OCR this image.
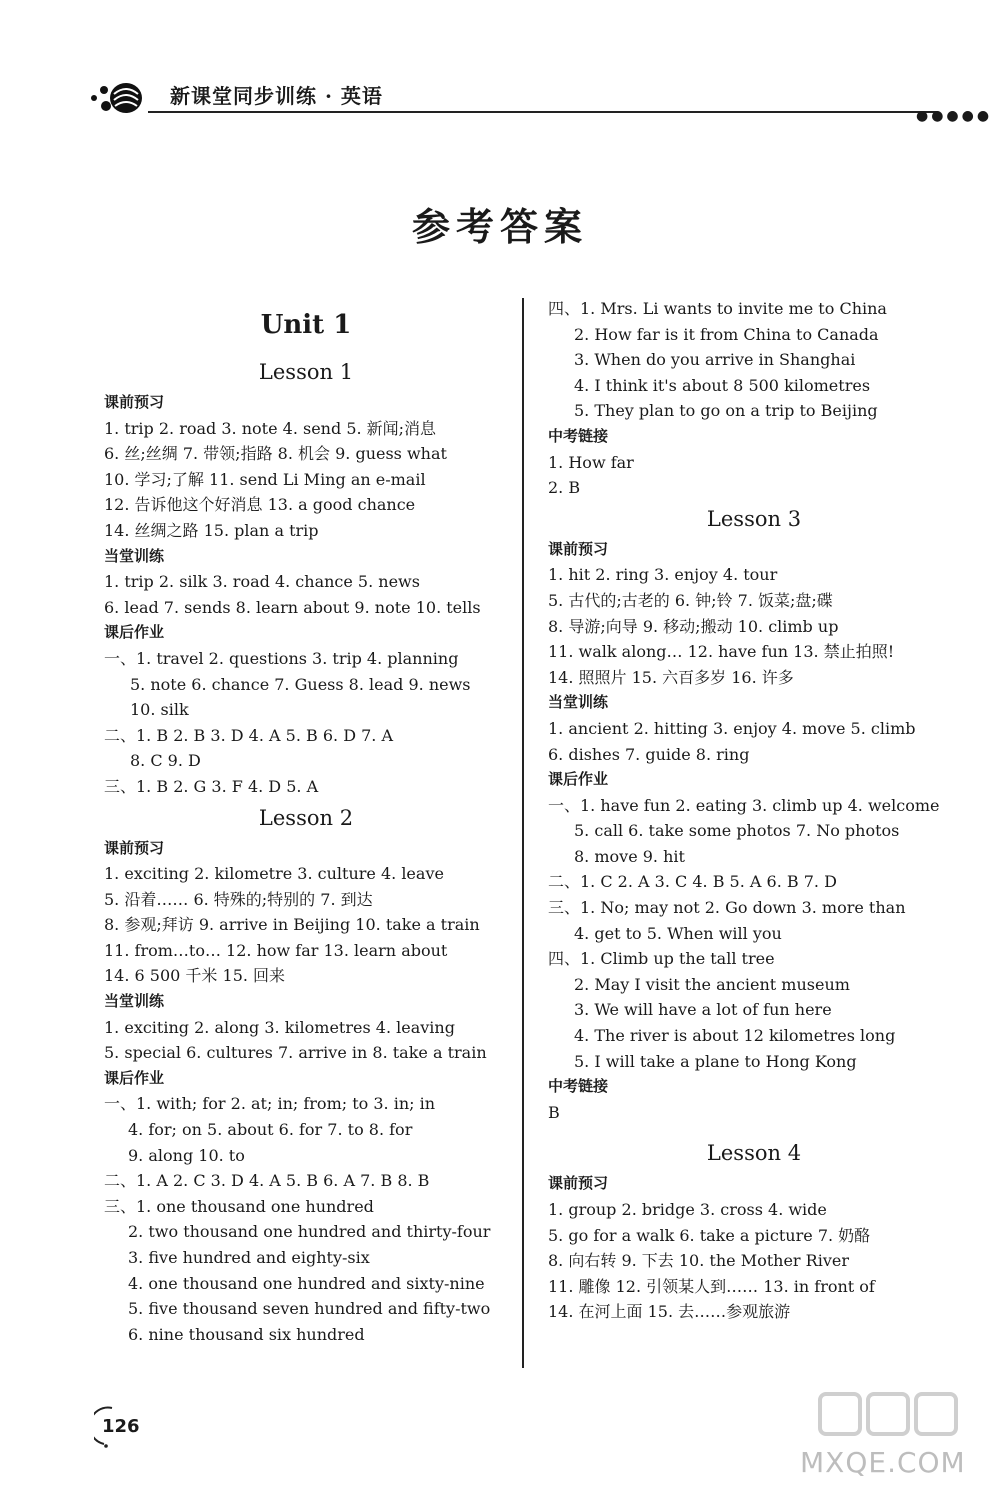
新课堂同步训练 · 英语
●●●●●
参考答案
Unit 1
Lesson 1
课前预习
1. trip 2. road 3. note 4. send 5. 新闻;消息
6. 丝;丝绸 7. 带领;指路 8. 机会 9. guess what
10. 学习;了解 11. send Li Ming an e-mail
12. 告诉他这个好消息 13. a good chance
14. 丝绸之路 15. plan a trip
当堂训练
1. trip 2. silk 3. road 4. chance 5. news
6. lead 7. sends 8. learn about 9. note 10. tells
课后作业
一、1. travel 2. questions 3. trip 4. planning
5. note 6. chance 7. Guess 8. lead 9. news
10. silk
二、1. B 2. B 3. D 4. A 5. B 6. D 7. A
8. C 9. D
三、1. B 2. G 3. F 4. D 5. A
Lesson 2
课前预习
1. exciting 2. kilometre 3. culture 4. leave
5. 沿着…… 6. 特殊的;特别的 7. 到达
8. 参观;拜访 9. arrive in Beijing 10. take a train
11. from…to… 12. how far 13. learn about
14. 6 500 千米 15. 回来
当堂训练
1. exciting 2. along 3. kilometres 4. leaving
5. special 6. cultures 7. arrive in 8. take a train
课后作业
一、1. with; for 2. at; in; from; to 3. in; in
4. for; on 5. about 6. for 7. to 8. for
9. along 10. to
二、1. A 2. C 3. D 4. A 5. B 6. A 7. B 8. B
三、1. one thousand one hundred
2. two thousand one hundred and thirty-four
3. five hundred and eighty-six
4. one thousand one hundred and sixty-nine
5. five thousand seven hundred and fifty-two
6. nine thousand six hundred
四、1. Mrs. Li wants to invite me to China
2. How far is it from China to Canada
3. When do you arrive in Shanghai
4. I think it's about 8 500 kilometres
5. They plan to go on a trip to Beijing
中考链接
1. How far
2. B
Lesson 3
课前预习
1. hit 2. ring 3. enjoy 4. tour
5. 古代的;古老的 6. 钟;铃 7. 饭菜;盘;碟
8. 导游;向导 9. 移动;搬动 10. climb up
11. walk along… 12. have fun 13. 禁止拍照!
14. 照照片 15. 六百多岁 16. 许多
当堂训练
1. ancient 2. hitting 3. enjoy 4. move 5. climb
6. dishes 7. guide 8. ring
课后作业
一、1. have fun 2. eating 3. climb up 4. welcome
5. call 6. take some photos 7. No photos
8. move 9. hit
二、1. C 2. A 3. C 4. B 5. A 6. B 7. D
三、1. No; may not 2. Go down 3. more than
4. get to 5. When will you
四、1. Climb up the tall tree
2. May I visit the ancient museum
3. We will have a lot of fun here
4. The river is about 12 kilometres long
5. I will take a plane to Hong Kong
中考链接
B
Lesson 4
课前预习
1. group 2. bridge 3. cross 4. wide
5. go for a walk 6. take a picture 7. 奶酪
8. 向右转 9. 下去 10. the Mother River
11. 雕像 12. 引领某人到…… 13. in front of
14. 在河上面 15. 去……参观旅游
126
MXQE.COM
